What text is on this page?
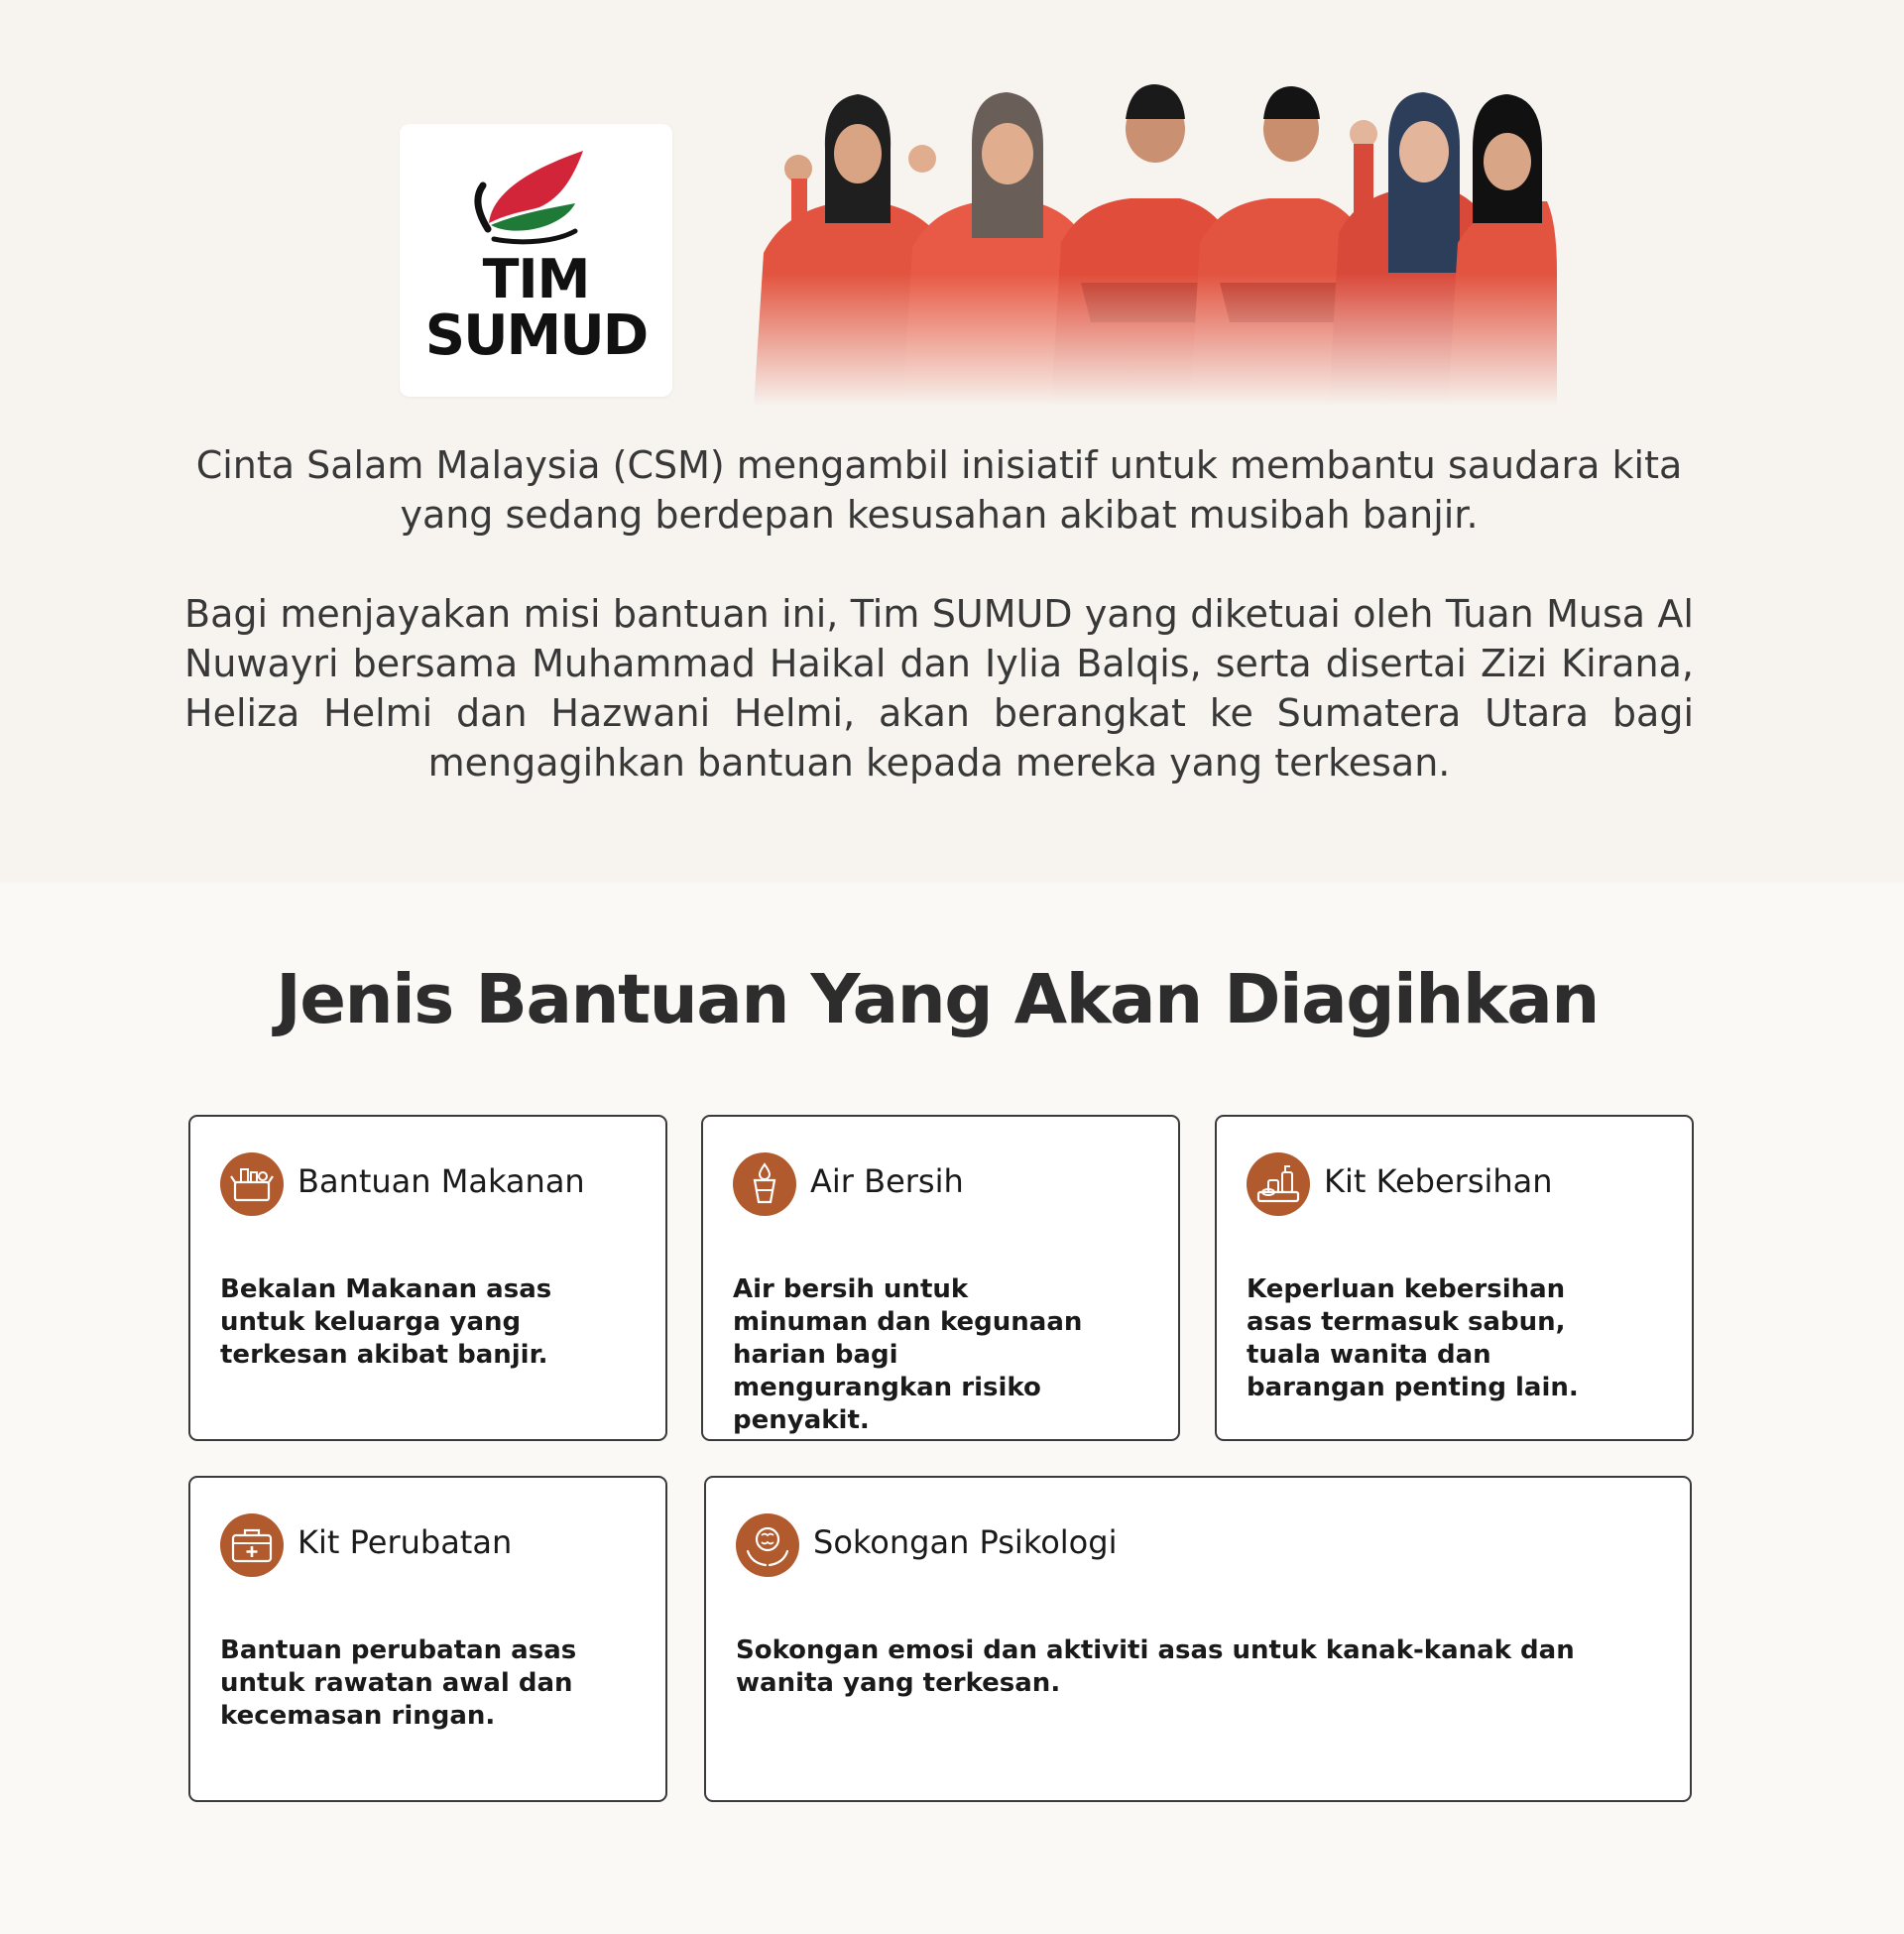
TIM
SUMUD

Cinta Salam Malaysia (CSM) mengambil inisiatif untuk membantu saudara kita yang sedang berdepan kesusahan akibat musibah banjir.

Bagi menjayakan misi bantuan ini, Tim SUMUD yang diketuai oleh Tuan Musa Al Nuwayri bersama Muhammad Haikal dan Iylia Balqis, serta disertai Zizi Kirana, Heliza Helmi dan Hazwani Helmi, akan berangkat ke Sumatera Utara bagi mengagihkan bantuan kepada mereka yang terkesan.

Jenis Bantuan Yang Akan Diagihkan
Bantuan Makanan

Bekalan Makanan asas untuk keluarga yang terkesan akibat banjir.

Air Bersih

Air bersih untuk minuman dan kegunaan harian bagi mengurangkan risiko penyakit.

Kit Kebersihan

Keperluan kebersihan asas termasuk sabun, tuala wanita dan barangan penting lain.

Kit Perubatan

Bantuan perubatan asas untuk rawatan awal dan kecemasan ringan.

Sokongan Psikologi

Sokongan emosi dan aktiviti asas untuk kanak-kanak dan wanita yang terkesan.
